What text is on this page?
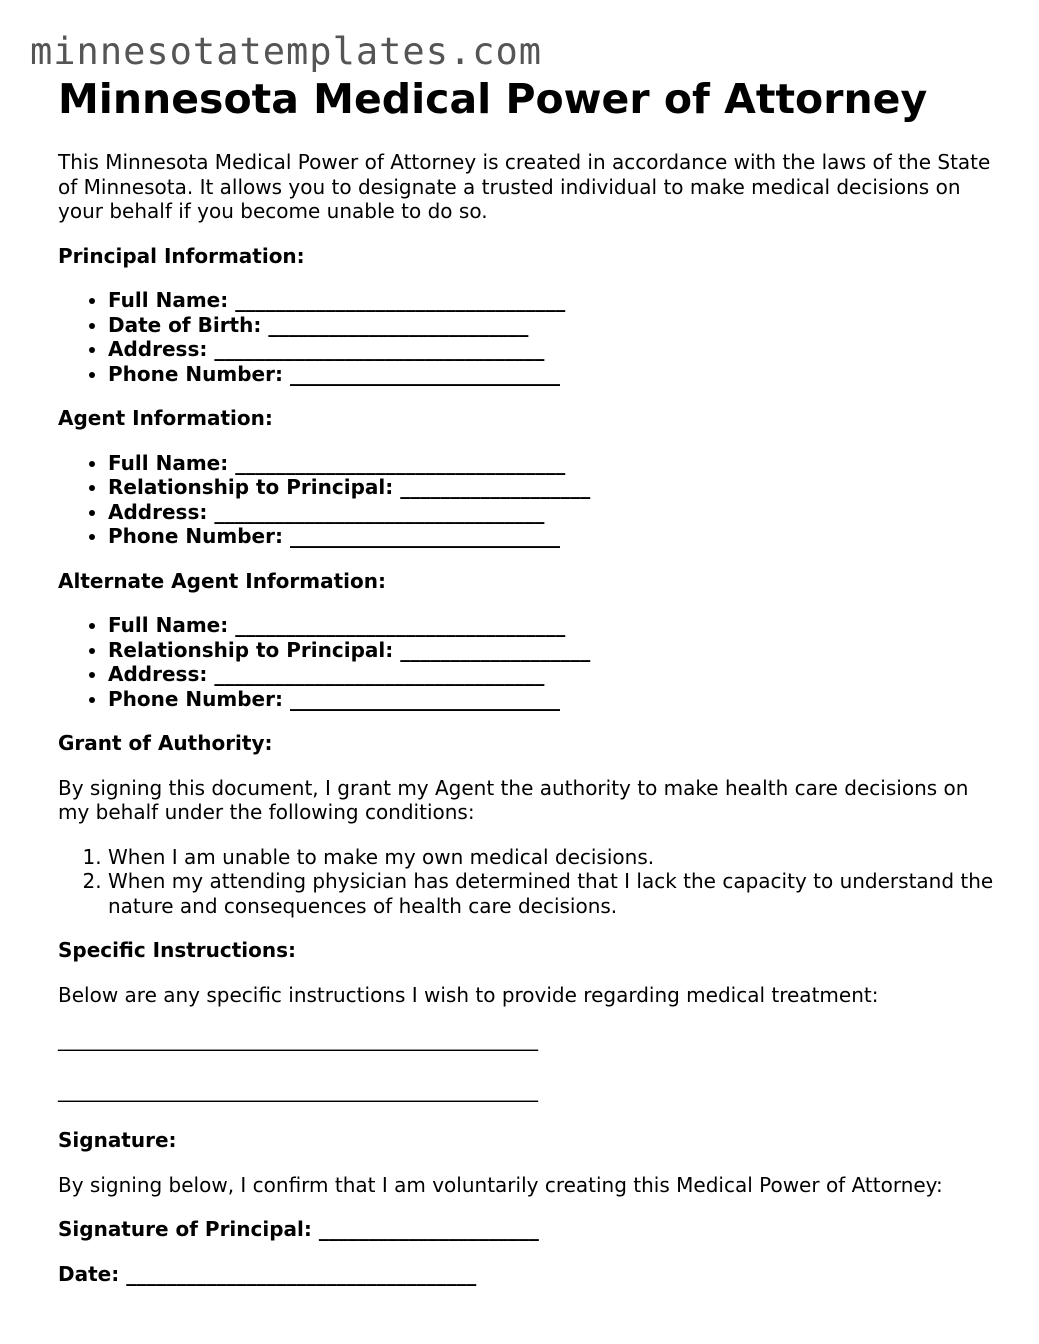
minnesotatemplates.com
Minnesota Medical Power of Attorney

This Minnesota Medical Power of Attorney is created in accordance with the laws of the State of Minnesota. It allows you to designate a trusted individual to make medical decisions on your behalf if you become unable to do so.

Principal Information:

• Full Name: _________________________________
• Date of Birth: __________________________
• Address: _________________________________
• Phone Number: ___________________________

Agent Information:

• Full Name: _________________________________
• Relationship to Principal: ___________________
• Address: _________________________________
• Phone Number: ___________________________

Alternate Agent Information:

• Full Name: _________________________________
• Relationship to Principal: ___________________
• Address: _________________________________
• Phone Number: ___________________________

Grant of Authority:

By signing this document, I grant my Agent the authority to make health care decisions on my behalf under the following conditions:

1. When I am unable to make my own medical decisions.
2. When my attending physician has determined that I lack the capacity to understand the nature and consequences of health care decisions.

Specific Instructions:

Below are any specific instructions I wish to provide regarding medical treatment:

________________________________________________
________________________________________________

Signature:

By signing below, I confirm that I am voluntarily creating this Medical Power of Attorney:

Signature of Principal: ______________________

Date: ___________________________________
